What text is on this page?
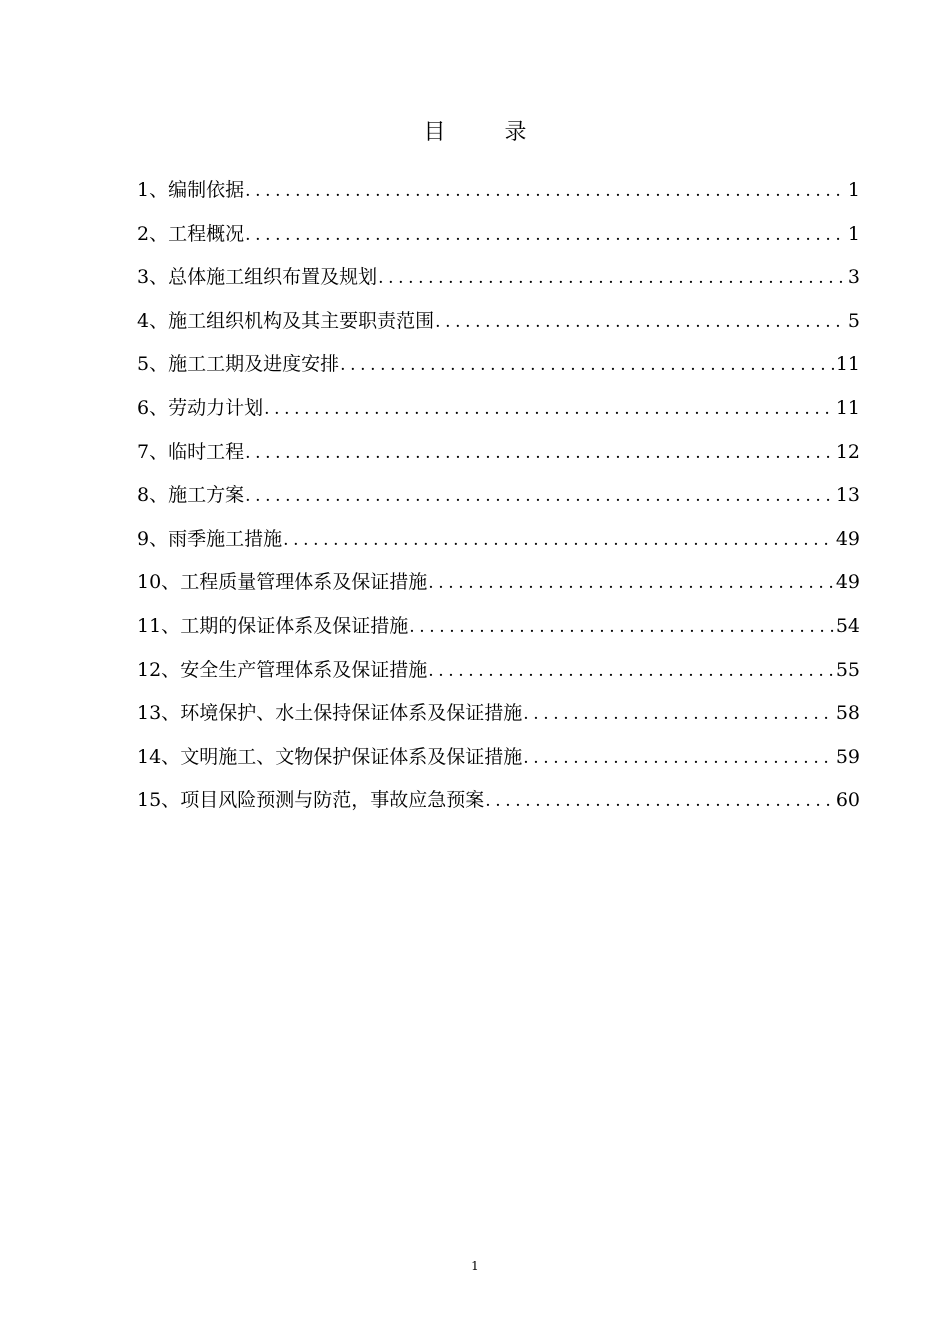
目 录
1、 编制依据 .....	1
2、 工程概况 .....	1
3、 总体施工组织布置及规划 .....	3
4、 施工组织机构及其主要职责范围 .....	5
5、 施工工期及进度安排 .....	11
6、 劳动力计划 .....	11
7、 临时工程 .....	12
8、 施工方案 .....	13
9、 雨季施工措施 .....	49
10、 工程质量管理体系及保证措施 .....	49
11、 工期的保证体系及保证措施 .....	54
12、 安全生产管理体系及保证措施 .....	55
13、 环境保护、水土保持保证体系及保证措施 .....	58
14、 文明施工、文物保护保证体系及保证措施 .....	59
15、 项目风险预测与防范，事故应急预案 .....	60
1
